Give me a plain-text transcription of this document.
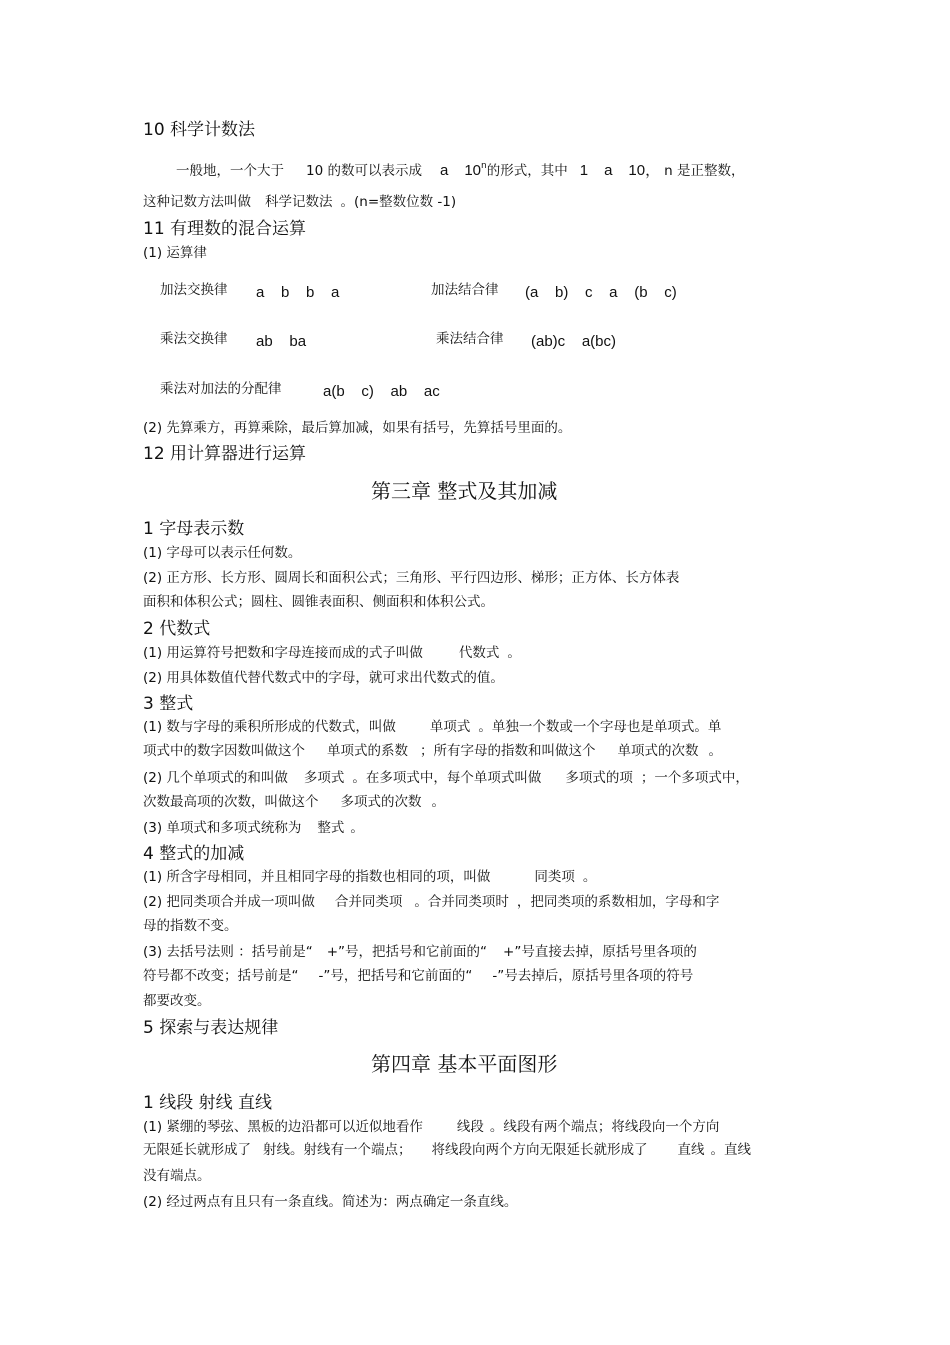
10 科学计数法
一般地，一个大于 10 的数可以表示成 a 10$^n$的形式，其中 1 a 10， n 是正整数，
这种记数方法叫做 科学记数法 。(n=整数位数 -1)
11 有理数的混合运算
(1) 运算律
加法交换律 a    b    b    a	加法结合律 (a    b)    c    a    (b    c)
乘法交换律 ab    ba	乘法结合律 (ab)c    a(bc)
乘法对加法的分配律	a(b    c)    ab    ac
(2) 先算乘方，再算乘除，最后算加减，如果有括号，先算括号里面的。
12 用计算器进行运算
第三章 整式及其加减
1 字母表示数
(1) 字母可以表示任何数。
(2) 正方形、长方形、圆周长和面积公式；三角形、平行四边形、梯形；正方体、长方体表
面积和体积公式；圆柱、圆锥表面积、侧面积和体积公式。
2 代数式
(1) 用运算符号把数和字母连接而成的式子叫做	代数式 。
(2) 用具体数值代替代数式中的字母，就可求出代数式的值。
3 整式
(1) 数与字母的乘积所形成的代数式，叫做	单项式 。单独一个数或一个字母也是单项式。单
项式中的数字因数叫做这个 单项式的系数 ；所有字母的指数和叫做这个 单项式的次数 。
(2) 几个单项式的和叫做 多项式 。在多项式中，每个单项式叫做 多项式的项 ；一个多项式中，
次数最高项的次数，叫做这个 多项式的次数 。
(3) 单项式和多项式统称为 整式 。
4 整式的加减
(1) 所含字母相同，并且相同字母的指数也相同的项，叫做	同类项 。
(2) 把同类项合并成一项叫做 合并同类项 。合并同类项时 ，把同类项的系数相加，字母和字
母的指数不变。
(3) 去括号法则 ：括号前是“ +”号，把括号和它前面的“ +”号直接去掉，原括号里各项的
符号都不改变；括号前是“ -”号，把括号和它前面的“ -”号去掉后，原括号里各项的符号
都要改变。
5 探索与表达规律
第四章 基本平面图形
1 线段 射线 直线
(1) 紧绷的琴弦、黑板的边沿都可以近似地看作	线段 。线段有两个端点；将线段向一个方向
无限延长就形成了 射线。射线有一个端点； 将线段向两个方向无限延长就形成了 直线 。直线
没有端点。
(2) 经过两点有且只有一条直线。简述为：两点确定一条直线。
